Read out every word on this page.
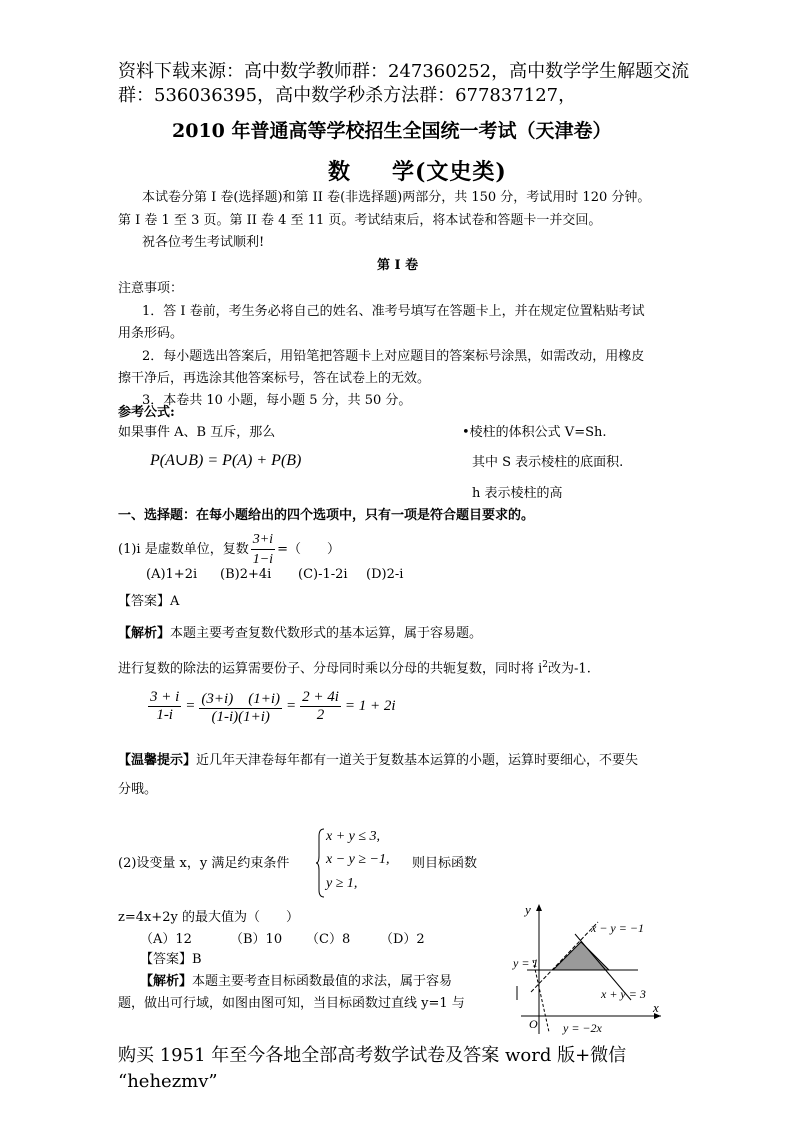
资料下载来源：高中数学教师群：247360252，高中数学学生解题交流
群：536036395，高中数学秒杀方法群：677837127，
2010 年普通高等学校招生全国统一考试（天津卷）
数 学(文史类)
本试卷分第 I 卷(选择题)和第 II 卷(非选择题)两部分，共 150 分，考试用时 120 分钟。
第 I 卷 1 至 3 页。第 II 卷 4 至 11 页。考试结束后，将本试卷和答题卡一并交回。
祝各位考生考试顺利!
第 I 卷
注意事项：
1．答 I 卷前，考生务必将自己的姓名、准考号填写在答题卡上，并在规定位置粘贴考试
用条形码。
2．每小题选出答案后，用铅笔把答题卡上对应题目的答案标号涂黑，如需改动，用橡皮
擦干净后，再选涂其他答案标号，答在试卷上的无效。
3．本卷共 10 小题，每小题 5 分，共 50 分。
参考公式:
如果事件 A、B 互斥，那么
P(A∪B) = P(A) + P(B)
•棱柱的体积公式 V=Sh.
其中 S 表示棱柱的底面积.
h 表示棱柱的高
一、选择题：在每小题给出的四个选项中，只有一项是符合题目要求的。
(1)i 是虚数单位，复数 $\frac{3+i}{1-i}$ =（　　）
(A)1+2i (B)2+4i (C)-1-2i (D)2-i
【答案】A
【解析】本题主要考查复数代数形式的基本运算，属于容易题。
进行复数的除法的运算需要份子、分母同时乘以分母的共轭复数，同时将 $i^2$改为-1.
$\frac{3 + i}{1-i} = \frac{(3+i) (1+i)}{(1-i)(1+i)} = \frac{2 + 4i}{2} = 1 + 2i$
【温馨提示】近几年天津卷每年都有一道关于复数基本运算的小题，运算时要细心，不要失
分哦。
(2)设变量 x，y 满足约束条件
x + y ≤ 3,
x − y ≥ −1,
y ≥ 1,
则目标函数
z=4x+2y 的最大值为（　　）
（A）12	（B）10 （C）8 （D）2
【答案】B
【解析】本题主要考查目标函数最值的求法，属于容易
题，做出可行域，如图由图可知，当目标函数过直线 y=1 与
y
x
O
x − y = −1
y = 1
x + y = 3
y = −2x
购买 1951 年至今各地全部高考数学试卷及答案 word 版+微信
“hehezmv”
